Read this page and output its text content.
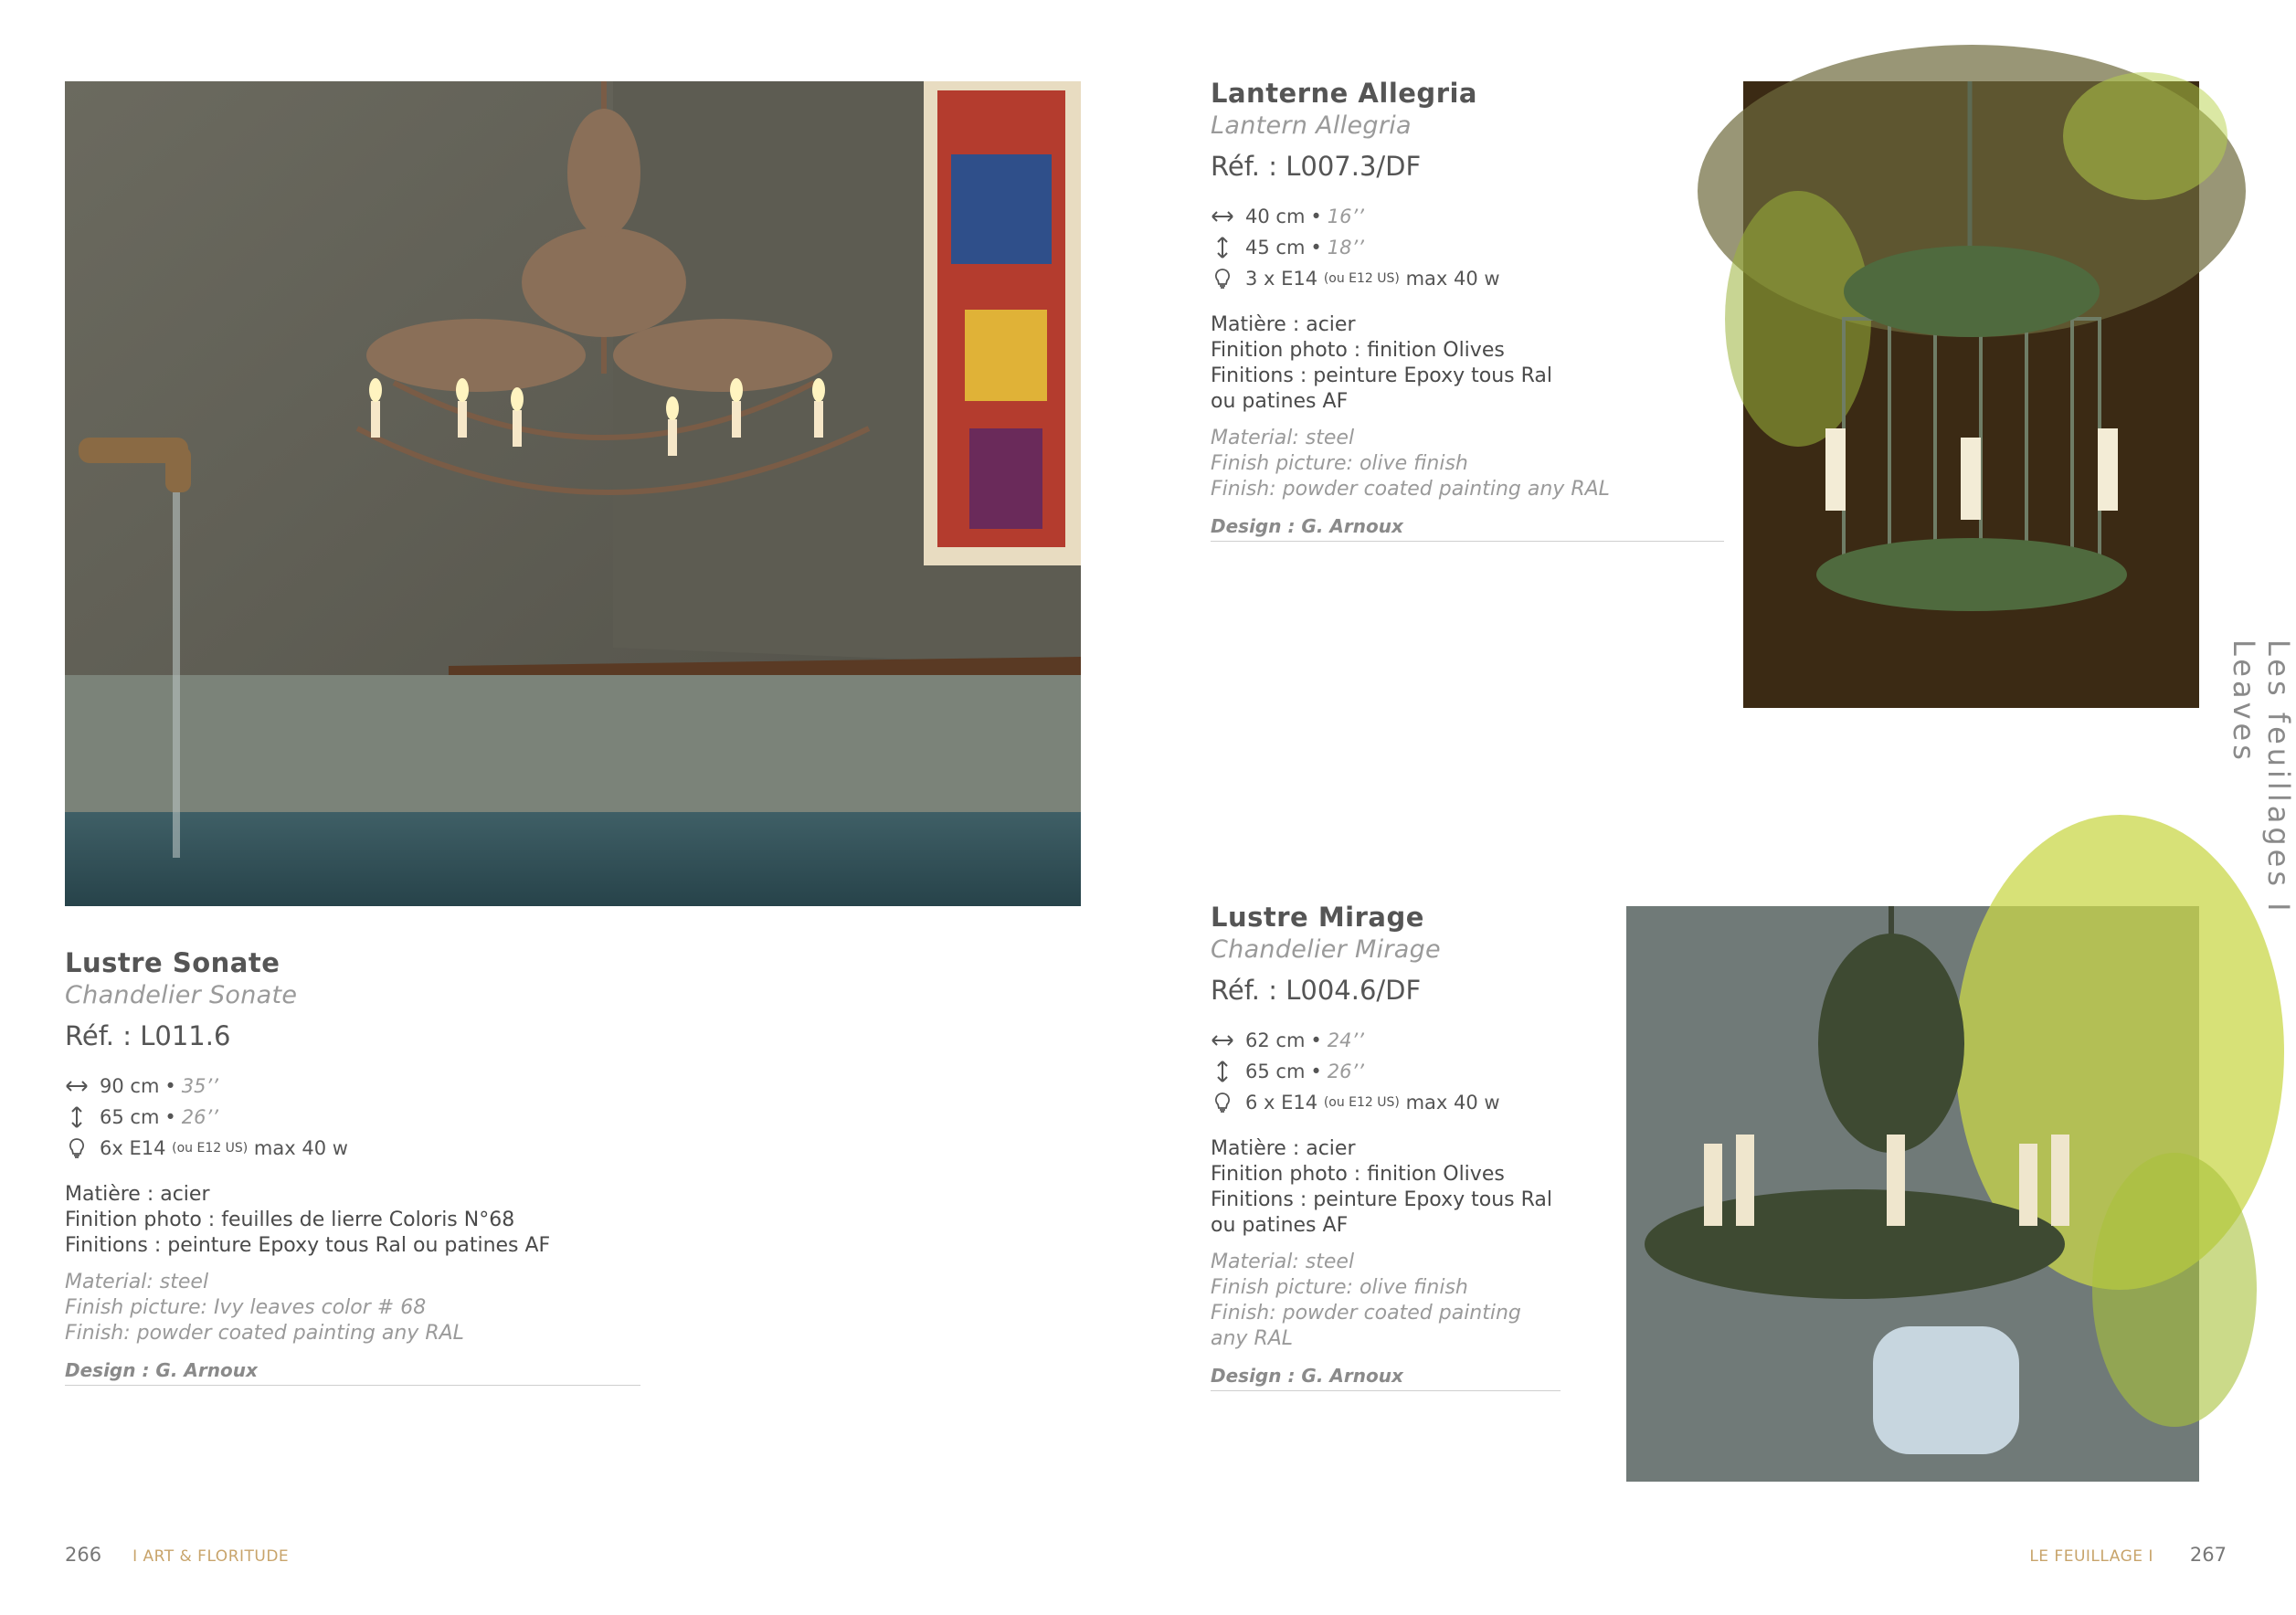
Lustre Sonate
Chandelier Sonate
Réf. : L011.6
90 cm • 35’’
65 cm • 26’’
6x E14
(ou E12 US)
max 40 w
Matière : acier
Finition photo : feuilles de lierre Coloris N°68
Finitions : peinture Epoxy tous Ral ou patines AF
Material: steel
Finish picture: Ivy leaves color # 68
Finish: powder coated painting any RAL
Design : G. Arnoux
Lanterne Allegria
Lantern Allegria
Réf. : L007.3/DF
40 cm • 16’’
45 cm • 18’’
3 x E14
(ou E12 US)
max 40 w
Matière : acier
Finition photo : finition Olives
Finitions : peinture Epoxy tous Ral
ou patines AF
Material: steel
Finish picture: olive finish
Finish: powder coated painting any RAL
Design : G. Arnoux
Lustre Mirage
Chandelier Mirage
Réf. : L004.6/DF
62 cm • 24’’
65 cm • 26’’
6 x E14
(ou E12 US)
max 40 w
Matière : acier
Finition photo : finition Olives
Finitions : peinture Epoxy tous Ral
ou patines AF
Material: steel
Finish picture: olive finish
Finish: powder coated painting
any RAL
Design : G. Arnoux
Les feuillages I Leaves
266 I ART & FLORITUDE	LE FEUILLAGE I 267
